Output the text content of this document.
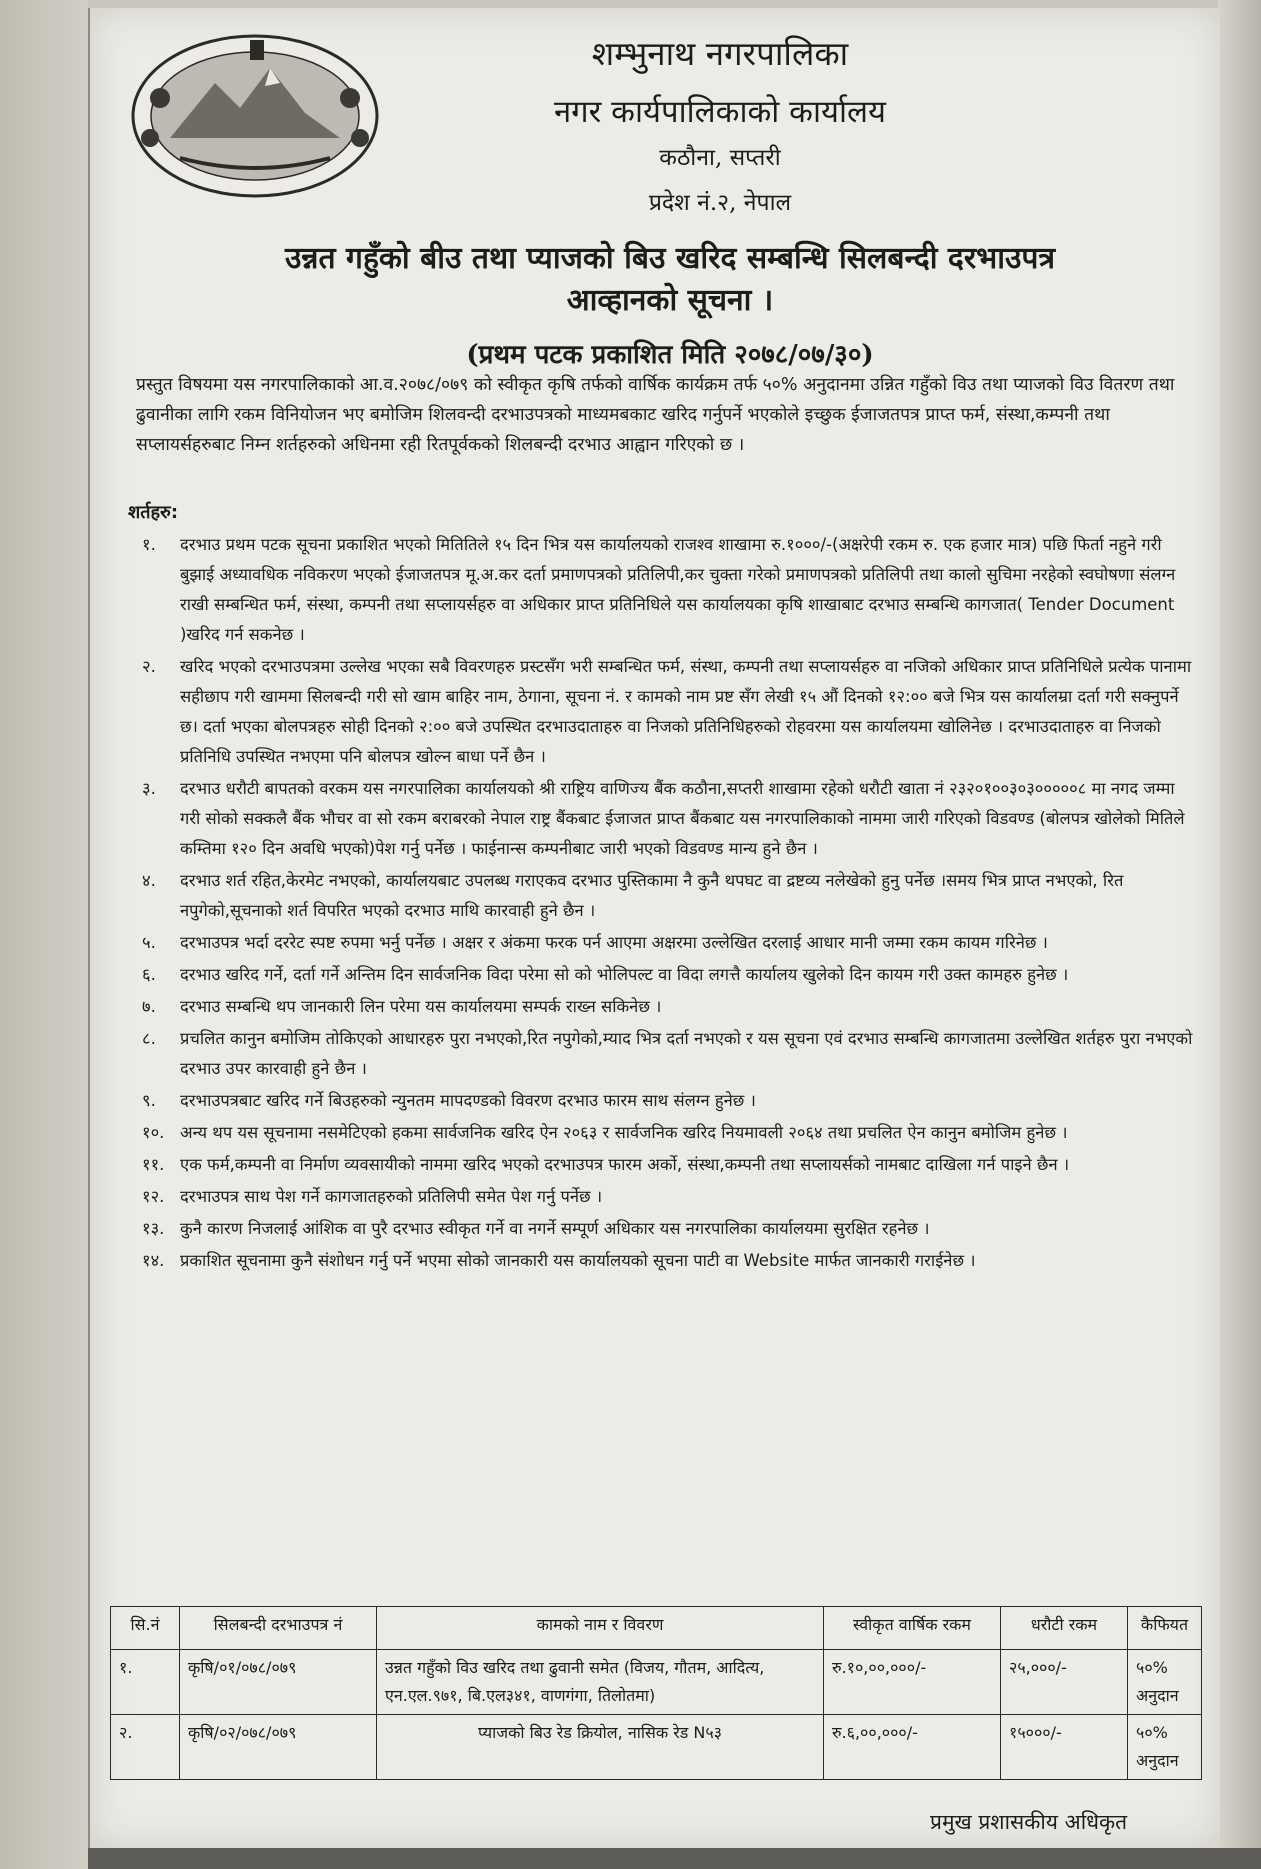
शम्भुनाथ नगरपालिका
नगर कार्यपालिकाको कार्यालय
कठौना, सप्तरी
प्रदेश नं.२, नेपाल
उन्नत गहुँको बीउ तथा प्याजको बिउ खरिद सम्बन्धि सिलबन्दी दरभाउपत्र
आव्हानको सूचना ।
(प्रथम पटक प्रकाशित मिति २०७८/०७/३०)
प्रस्तुत विषयमा यस नगरपालिकाको आ.व.२०७८/०७९ को स्वीकृत कृषि तर्फको वार्षिक कार्यक्रम तर्फ ५०% अनुदानमा उन्नित गहुँको विउ तथा प्याजको विउ वितरण तथा ढुवानीका लागि रकम विनियोजन भए बमोजिम शिलवन्दी दरभाउपत्रको माध्यमबकाट खरिद गर्नुपर्ने भएकोले इच्छुक ईजाजतपत्र प्राप्त फर्म, संस्था,कम्पनी तथा सप्लायर्सहरुबाट निम्न शर्तहरुको अधिनमा रही रितपूर्वकको शिलबन्दी दरभाउ आह्वान गरिएको छ ।
शर्तहरु:
१.	दरभाउ प्रथम पटक सूचना प्रकाशित भएको मितितिले १५ दिन भित्र यस कार्यालयको राजश्व शाखामा रु.१०००/-(अक्षरेपी रकम रु. एक हजार मात्र) पछि फिर्ता नहुने गरी बुझाई अध्यावधिक नविकरण भएको ईजाजतपत्र मू.अ.कर दर्ता प्रमाणपत्रको प्रतिलिपी,कर चुक्ता गरेको प्रमाणपत्रको प्रतिलिपी तथा कालो सुचिमा नरहेको स्वघोषणा संलग्न राखी सम्बन्धित फर्म, संस्था, कम्पनी तथा सप्लायर्सहरु वा अधिकार प्राप्त प्रतिनिधिले यस कार्यालयका कृषि शाखाबाट दरभाउ सम्बन्धि कागजात( Tender Document )खरिद गर्न सकनेछ ।
२.	खरिद भएको दरभाउपत्रमा उल्लेख भएका सबै विवरणहरु प्रस्टसँग भरी सम्बन्धित फर्म, संस्था, कम्पनी तथा सप्लायर्सहरु वा नजिको अधिकार प्राप्त प्रतिनिधिले प्रत्येक पानामा सहीछाप गरी खाममा सिलबन्दी गरी सो खाम बाहिर नाम, ठेगाना, सूचना नं. र कामको नाम प्रष्ट सँग लेखी १५ औं दिनको १२:०० बजे भित्र यस कार्यालम्रा दर्ता गरी सक्नुपर्ने छ। दर्ता भएका बोलपत्रहरु सोही दिनको २:०० बजे उपस्थित दरभाउदाताहरु वा निजको प्रतिनिधिहरुको रोहवरमा यस कार्यालयमा खोलिनेछ । दरभाउदाताहरु वा निजको प्रतिनिधि उपस्थित नभएमा पनि बोलपत्र खोल्न बाधा पर्ने छैन ।
३.	दरभाउ धरौटी बापतको वरकम यस नगरपालिका कार्यालयको श्री राष्ट्रिय वाणिज्य बैंक कठौना,सप्तरी शाखामा रहेको धरौटी खाता नं २३२०१००३०३०००००८ मा नगद जम्मा गरी सोको सक्कलै बैंक भौचर वा सो रकम बराबरको नेपाल राष्ट्र बैंकबाट ईजाजत प्राप्त बैंकबाट यस नगरपालिकाको नाममा जारी गरिएको विडवण्ड (बोलपत्र खोलेको मितिले कम्तिमा १२० दिन अवधि भएको)पेश गर्नु पर्नेछ । फाईनान्स कम्पनीबाट जारी भएको विडवण्ड मान्य हुने छैन ।
४.	दरभाउ शर्त रहित,केरमेट नभएको, कार्यालयबाट उपलब्ध गराएकव दरभाउ पुस्तिकामा नै कुनै थपघट वा द्रष्टव्य नलेखेको हुनु पर्नेछ ।समय भित्र प्राप्त नभएको, रित नपुगेको,सूचनाको शर्त विपरित भएको दरभाउ माथि कारवाही हुने छैन ।
५.	दरभाउपत्र भर्दा दररेट स्पष्ट रुपमा भर्नु पर्नेछ । अक्षर र अंकमा फरक पर्न आएमा अक्षरमा उल्लेखित दरलाई आधार मानी जम्मा रकम कायम गरिनेछ ।
६.	दरभाउ खरिद गर्ने, दर्ता गर्ने अन्तिम दिन सार्वजनिक विदा परेमा सो को भोलिपल्ट वा विदा लगत्तै कार्यालय खुलेको दिन कायम गरी उक्त कामहरु हुनेछ ।
७.	दरभाउ सम्बन्धि थप जानकारी लिन परेमा यस कार्यालयमा सम्पर्क राख्न सकिनेछ ।
८.	प्रचलित कानुन बमोजिम तोकिएको आधारहरु पुरा नभएको,रित नपुगेको,म्याद भित्र दर्ता नभएको र यस सूचना एवं दरभाउ सम्बन्धि कागजातमा उल्लेखित शर्तहरु पुरा नभएको दरभाउ उपर कारवाही हुने छैन ।
९.	दरभाउपत्रबाट खरिद गर्ने बिउहरुको न्युनतम मापदण्डको विवरण दरभाउ फारम साथ संलग्न हुनेछ ।
१०. अन्य थप यस सूचनामा नसमेटिएको हकमा सार्वजनिक खरिद ऐन २०६३ र सार्वजनिक खरिद नियमावली २०६४ तथा प्रचलित ऐन कानुन बमोजिम हुनेछ ।
११. एक फर्म,कम्पनी वा निर्माण व्यवसायीको नाममा खरिद भएको दरभाउपत्र फारम अर्को, संस्था,कम्पनी तथा सप्लायर्सको नामबाट दाखिला गर्न पाइने छैन ।
१२. दरभाउपत्र साथ पेश गर्ने कागजातहरुको प्रतिलिपी समेत पेश गर्नु पर्नेछ ।
१३. कुनै कारण निजलाई आंशिक वा पुरै दरभाउ स्वीकृत गर्ने वा नगर्ने सम्पूर्ण अधिकार यस नगरपालिका कार्यालयमा सुरक्षित रहनेछ ।
१४. प्रकाशित सूचनामा कुनै संशोधन गर्नु पर्ने भएमा सोको जानकारी यस कार्यालयको सूचना पाटी वा Website मार्फत जानकारी गराईनेछ ।
सि.नं	सिलबन्दी दरभाउपत्र नं	कामको नाम र विवरण	स्वीकृत वार्षिक रकम	धरौटी रकम	कैफियत
१.	कृषि/०१/०७८/०७९	उन्नत गहुँको विउ खरिद तथा ढुवानी समेत (विजय, गौतम, आदित्य, एन.एल.९७१, बि.एल३४१, वाणगंगा, तिलोतमा)	रु.१०,००,०००/-	२५,०००/-	५०% अनुदान
२.	कृषि/०२/०७८/०७९	प्याजको बिउ रेड क्रियोल, नासिक रेड N५३	रु.६,००,०००/-	१५०००/-	५०% अनुदान
प्रमुख प्रशासकीय अधिकृत
